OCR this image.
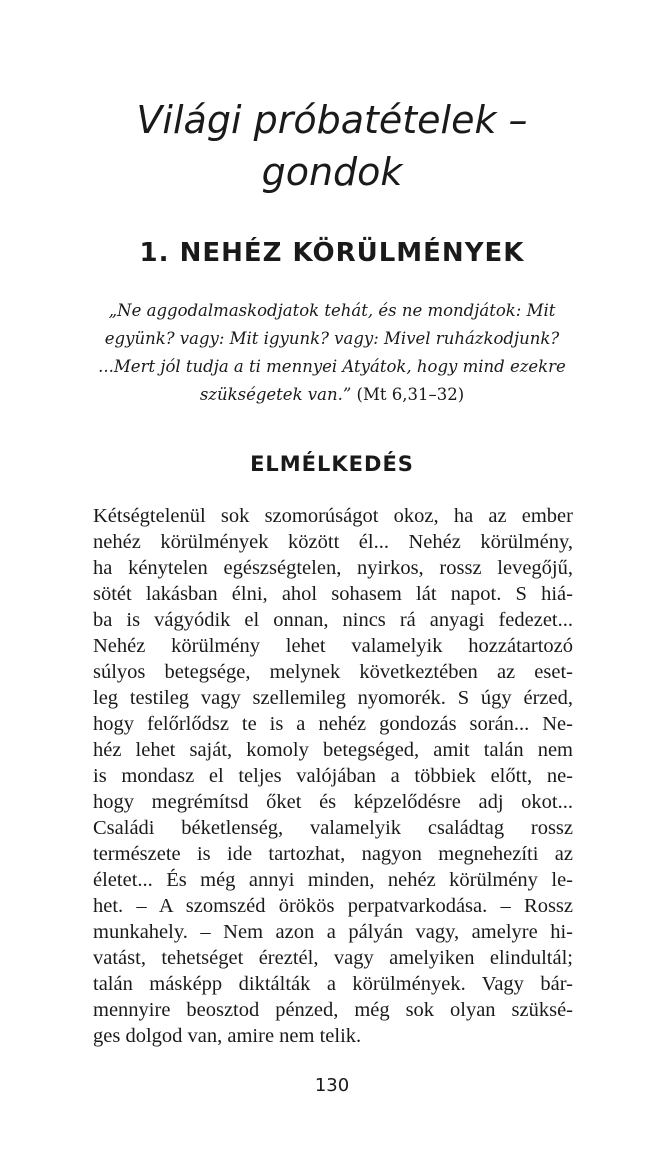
Világi próbatételek –
gondok
1. NEHÉZ KÖRÜLMÉNYEK

„Ne aggodalmaskodjatok tehát, és ne mondjátok: Mit
együnk? vagy: Mit igyunk? vagy: Mivel ruházkodjunk?
...Mert jól tudja a ti mennyei Atyátok, hogy mind ezekre
szükségetek van.” (Mt 6,31–32)

ELMÉLKEDÉS
Kétségtelenül sok szomorúságot okoz, ha az ember
nehéz körülmények között él... Nehéz körülmény,
ha kénytelen egészségtelen, nyirkos, rossz levegőjű,
sötét lakásban élni, ahol sohasem lát napot. S hiá-
ba is vágyódik el onnan, nincs rá anyagi fedezet...
Nehéz körülmény lehet valamelyik hozzátartozó
súlyos betegsége, melynek következtében az eset-
leg testileg vagy szellemileg nyomorék. S úgy érzed,
hogy felőrlődsz te is a nehéz gondozás során... Ne-
héz lehet saját, komoly betegséged, amit talán nem
is mondasz el teljes valójában a többiek előtt, ne-
hogy megrémítsd őket és képzelődésre adj okot...
Családi béketlenség, valamelyik családtag rossz
természete is ide tartozhat, nagyon megnehezíti az
életet... És még annyi minden, nehéz körülmény le-
het. – A szomszéd örökös perpatvarkodása. – Rossz
munkahely. – Nem azon a pályán vagy, amelyre hi-
vatást, tehetséget éreztél, vagy amelyiken elindultál;
talán másképp diktálták a körülmények. Vagy bár-
mennyire beosztod pénzed, még sok olyan szüksé-
ges dolgod van, amire nem telik.
130
